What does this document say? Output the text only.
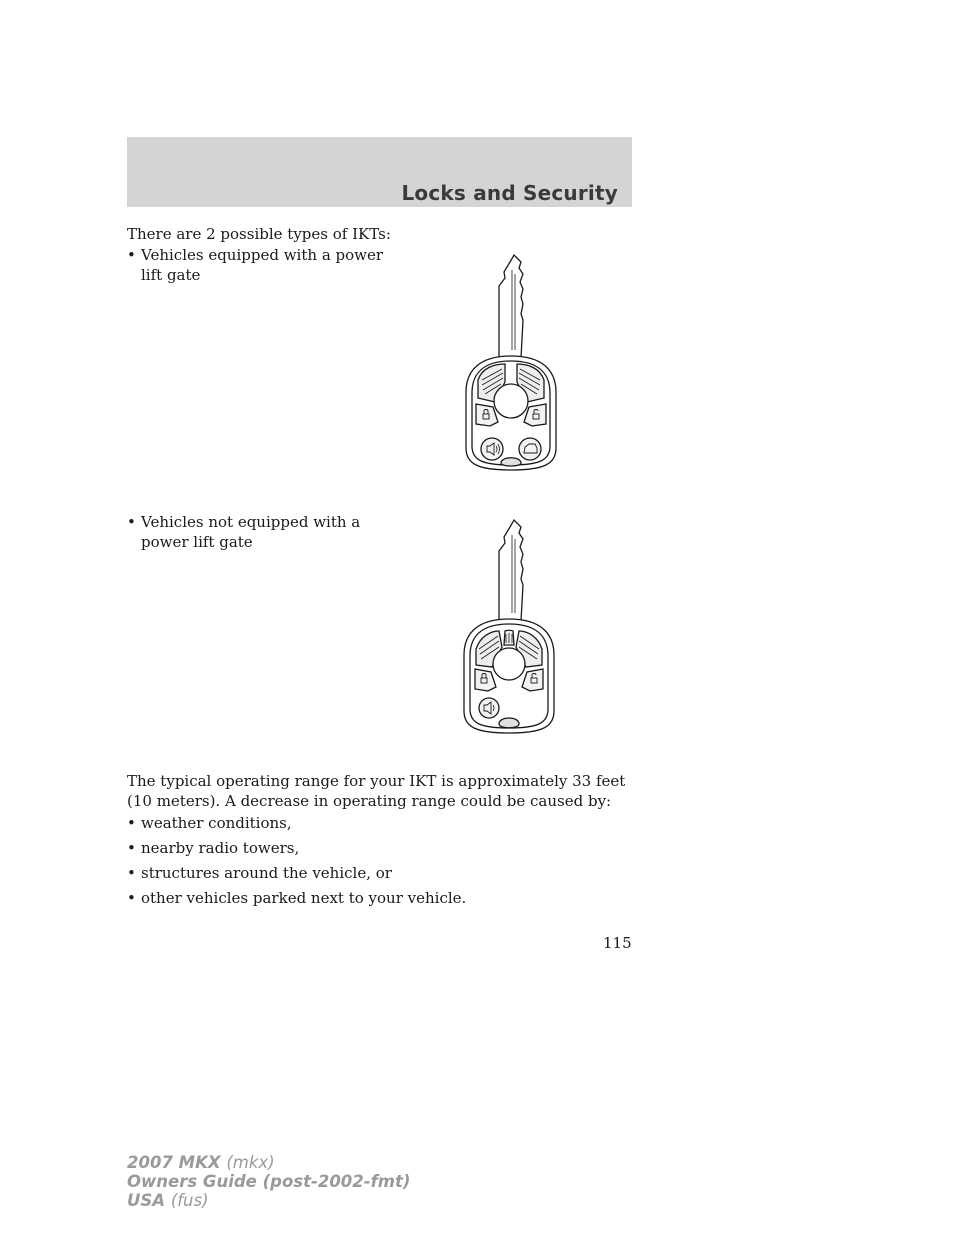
Locks and Security
There are 2 possible types of IKTs:
• Vehicles equipped with a power
lift gate
• Vehicles not equipped with a
power lift gate
The typical operating range for your IKT is approximately 33 feet
(10 meters). A decrease in operating range could be caused by:
• weather conditions,
• nearby radio towers,
• structures around the vehicle, or
• other vehicles parked next to your vehicle.
115
2007 MKX (mkx)
Owners Guide (post-2002-fmt)
USA (fus)
